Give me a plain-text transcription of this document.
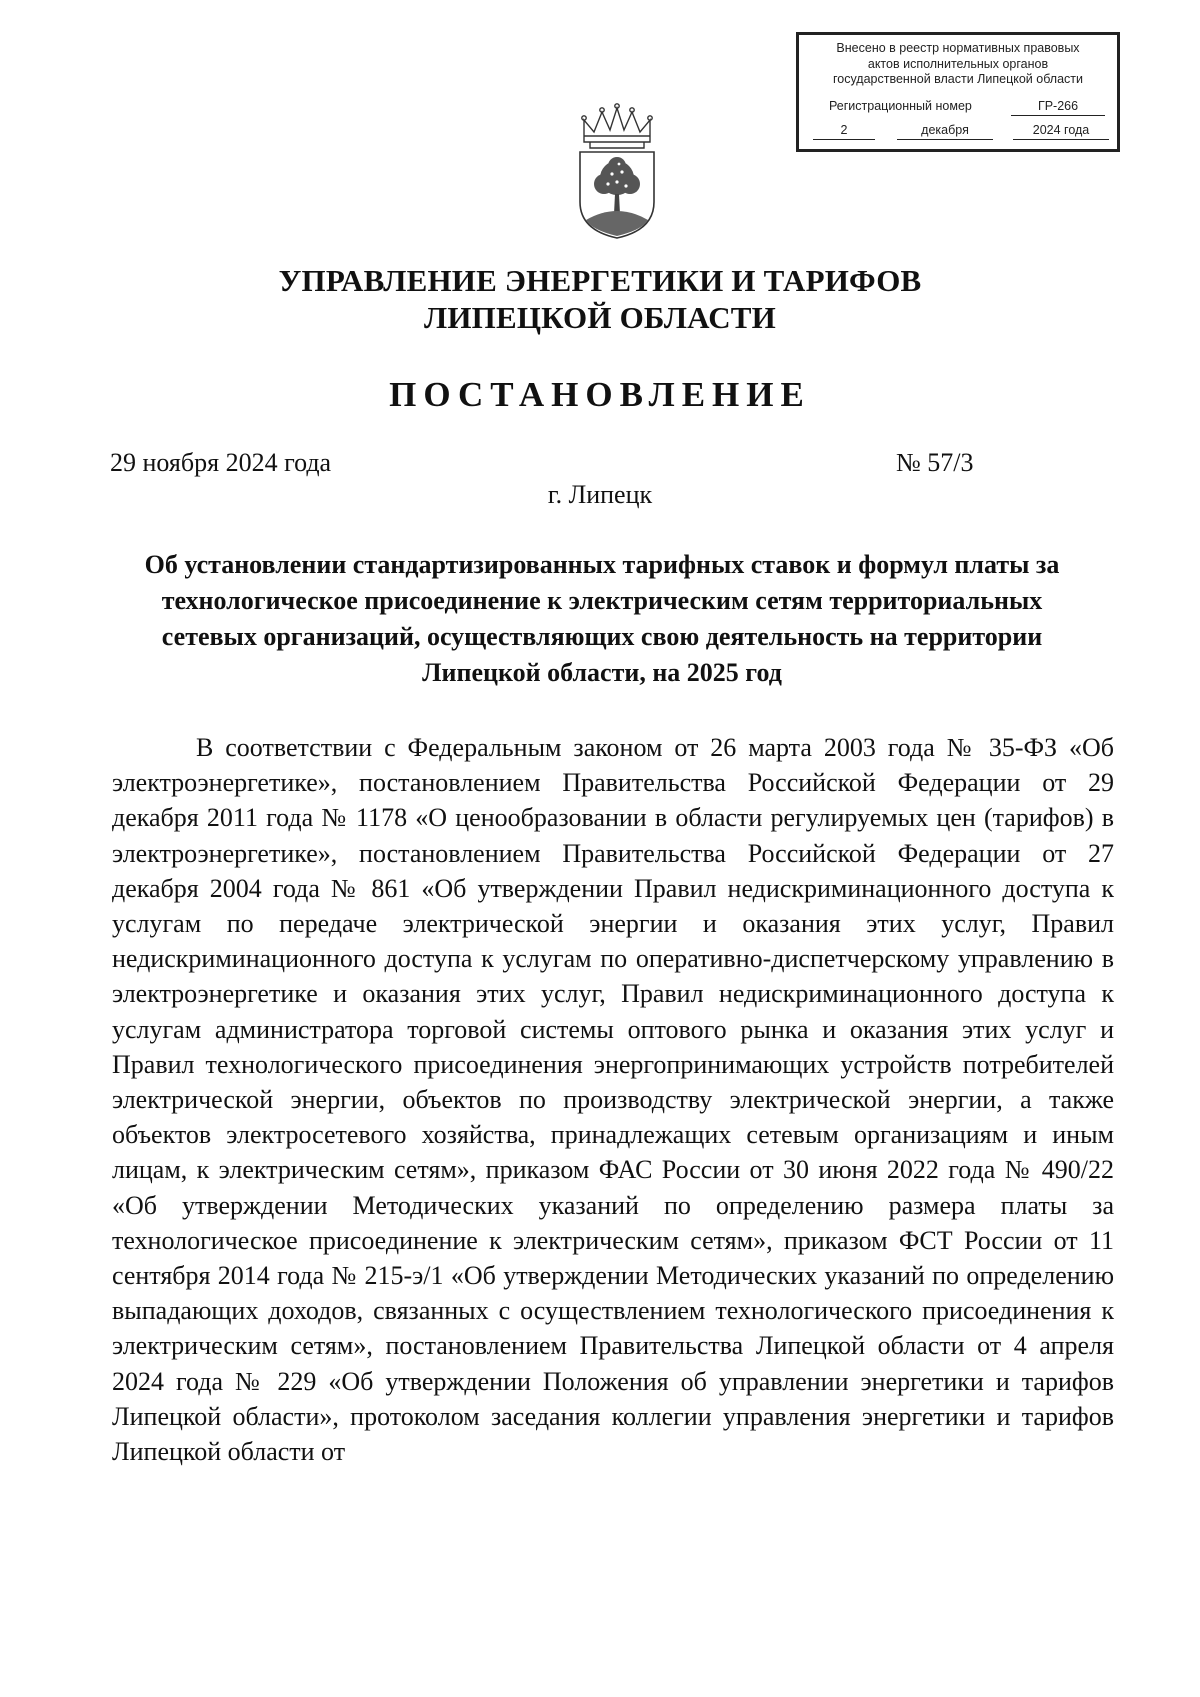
Внесено в реестр нормативных правовых
актов исполнительных органов
государственной власти Липецкой области
Регистрационный номер	ГР-266
2	декабря	2024 года
УПРАВЛЕНИЕ ЭНЕРГЕТИКИ И ТАРИФОВ
ЛИПЕЦКОЙ ОБЛАСТИ
ПОСТАНОВЛЕНИЕ
29 ноября 2024 года	№ 57/3
г. Липецк
Об установлении стандартизированных тарифных ставок и формул платы за технологическое присоединение к электрическим сетям территориальных сетевых организаций, осуществляющих свою деятельность на территории Липецкой области, на 2025 год

В соответствии с Федеральным законом от 26 марта 2003 года № 35-ФЗ «Об электроэнергетике», постановлением Правительства Российской Федерации от 29 декабря 2011 года № 1178 «О ценообразовании в области регулируемых цен (тарифов) в электроэнергетике», постановлением Правительства Российской Федерации от 27 декабря 2004 года № 861 «Об утверждении Правил недискриминационного доступа к услугам по передаче электрической энергии и оказания этих услуг, Правил недискриминационного доступа к услугам по оперативно-диспетчерскому управлению в электроэнергетике и оказания этих услуг, Правил недискриминационного доступа к услугам администратора торговой системы оптового рынка и оказания этих услуг и Правил технологического присоединения энергопринимающих устройств потребителей электрической энергии, объектов по производству электрической энергии, а также объектов электросетевого хозяйства, принадлежащих сетевым организациям и иным лицам, к электрическим сетям», приказом ФАС России от 30 июня 2022 года № 490/22 «Об утверждении Методических указаний по определению размера платы за технологическое присоединение к электрическим сетям», приказом ФСТ России от 11 сентября 2014 года № 215-э/1 «Об утверждении Методических указаний по определению выпадающих доходов, связанных с осуществлением технологического присоединения к электрическим сетям», постановлением Правительства Липецкой области от 4 апреля 2024 года № 229 «Об утверждении Положения об управлении энергетики и тарифов Липецкой области», протоколом заседания коллегии управления энергетики и тарифов Липецкой области от
